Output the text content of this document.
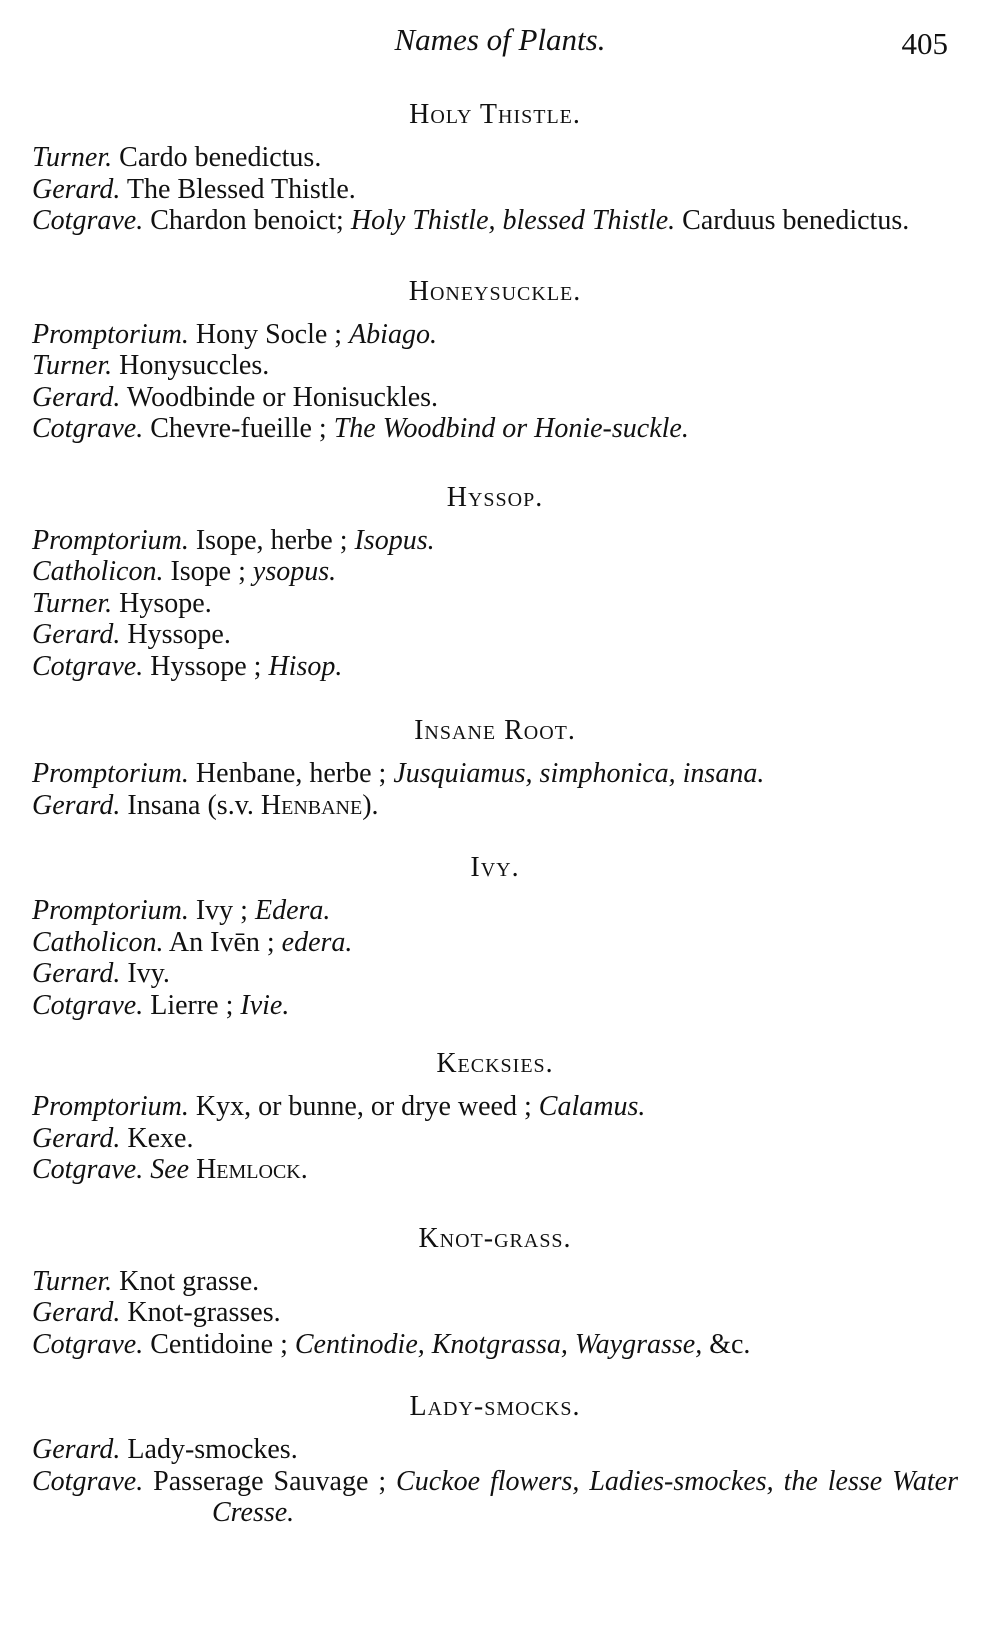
Names of Plants.	405
Holy Thistle.

Turner. Cardo benedictus.

Gerard. The Blessed Thistle.

Cotgrave. Chardon benoict; Holy Thistle, blessed Thistle. Carduus benedictus.

Honeysuckle.

Promptorium. Hony Socle ; Abiago.

Turner. Honysuccles.

Gerard. Woodbinde or Honisuckles.

Cotgrave. Chevre-fueille ; The Woodbind or Honie-suckle.

Hyssop.

Promptorium. Isope, herbe ; Isopus.

Catholicon. Isope ; ysopus.

Turner. Hysope.

Gerard. Hyssope.

Cotgrave. Hyssope ; Hisop.

Insane Root.

Promptorium. Henbane, herbe ; Jusquiamus, simphonica, insana.

Gerard. Insana (s.v. Henbane).

Ivy.

Promptorium. Ivy ; Edera.

Catholicon. An Ivēn ; edera.

Gerard. Ivy.

Cotgrave. Lierre ; Ivie.

Kecksies.

Promptorium. Kyx, or bunne, or drye weed ; Calamus.

Gerard. Kexe.

Cotgrave. See Hemlock.

Knot-grass.

Turner. Knot grasse.

Gerard. Knot-grasses.

Cotgrave. Centidoine ; Centinodie, Knotgrassa, Waygrasse, &c.

Lady-smocks.

Gerard. Lady-smockes.

Cotgrave. Passerage Sauvage ; Cuckoe flowers, Ladies-smockes, the lesse Water Cresse.
